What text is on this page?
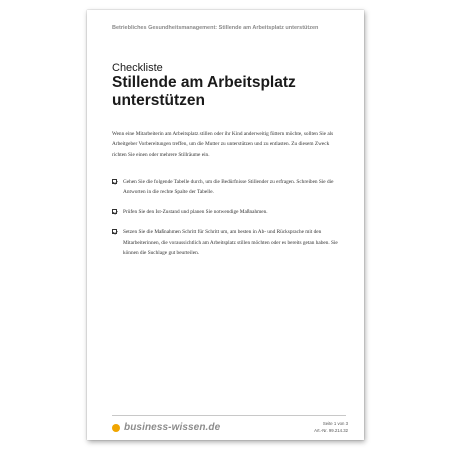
Betriebliches Gesundheitsmanagement: Stillende am Arbeitsplatz unterstützen
Checkliste
Stillende am Arbeitsplatz unterstützen

Wenn eine Mitarbeiterin am Arbeitsplatz stillen oder ihr Kind anderweitig füttern möchte, sollten Sie als Arbeitgeber Vorbereitungen treffen, um die Mutter zu unterstützen und zu entlasten. Zu diesem Zweck richten Sie einen oder mehrere Stillräume ein.

Gehen Sie die folgende Tabelle durch, um die Bedürfnisse Stillender zu erfragen. Schreiben Sie die Antworten in die rechte Spalte der Tabelle.
Prüfen Sie den Ist-Zustand und planen Sie notwendige Maßnahmen.
Setzen Sie die Maßnahmen Schritt für Schritt um, am besten in Ab- und Rücksprache mit den Mitarbeiterinnen, die voraussichtlich am Arbeitsplatz stillen möchten oder es bereits getan haben. Sie können die Suchlage gut beurteilen.
business-wissen.de	Seite 1 von 3
Art.-Nr. 99.214.32
